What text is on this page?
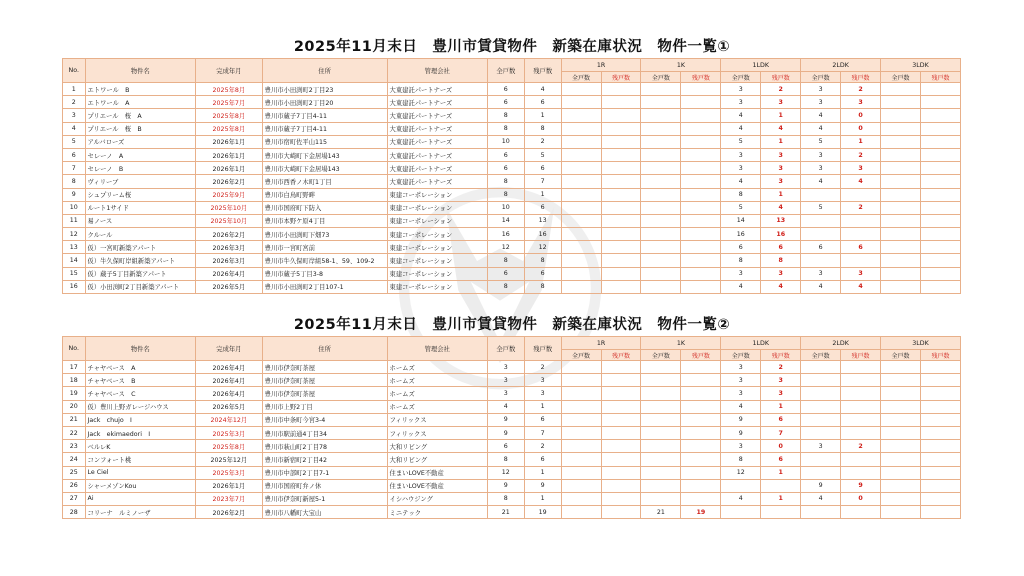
2025年11月末日　豊川市賃貸物件　新築在庫状況　物件一覧①
No.	物件名	完成年月	住所	管理会社	全戸数	残戸数	1R		1K		1LDK		2LDK		3LDK	
							全戸数	残戸数	全戸数	残戸数	全戸数	残戸数	全戸数	残戸数	全戸数	残戸数
1	エトワール　B	2025年8月	豊川市小田渕町2丁目23	大東建託パートナーズ	6	4					3	2	3	2		
2	エトワール　A	2025年7月	豊川市小田渕町2丁目20	大東建託パートナーズ	6	6					3	3	3	3		
3	プリエール　桜　A	2025年8月	豊川市蔵子7丁目4-11	大東建託パートナーズ	8	1					4	1	4	0		
4	プリエール　桜　B	2025年8月	豊川市蔵子7丁目4-11	大東建託パートナーズ	8	8					4	4	4	0		
5	アルバローズ	2026年1月	豊川市宿町佐平山115	大東建託パートナーズ	10	2					5	1	5	1		
6	セレーノ　A	2026年1月	豊川市大崎町下金居場143	大東建託パートナーズ	6	5					3	3	3	2		
7	セレーノ　B	2026年1月	豊川市大崎町下金居場143	大東建託パートナーズ	6	6					3	3	3	3		
8	ヴィリーブ	2026年2月	豊川市西香ノ木町1丁目	大東建託パートナーズ	8	7					4	3	4	4		
9	シュプリーム桜	2025年9月	豊川市白鳥町野畔	東建コーポレーション	8	1					8	1				
10	ルート1サイド	2025年10月	豊川市国府町下防入	東建コーポレーション	10	6					5	4	5	2		
11	易ノース	2025年10月	豊川市本野ケ原4丁目	東建コーポレーション	14	13					14	13				
12	クルール	2026年2月	豊川市小田渕町下畑73	東建コーポレーション	16	16					16	16				
13	仮）一宮町新築アパート	2026年3月	豊川市一宮町宮前	東建コーポレーション	12	12					6	6	6	6		
14	仮）牛久保町岸組新築アパート	2026年3月	豊川市牛久保町岸組58-1、59、109-2	東建コーポレーション	8	8					8	8				
15	仮）蔵子5丁目新築アパート	2026年4月	豊川市蔵子5丁目3-8	東建コーポレーション	6	6					3	3	3	3		
16	仮）小田渕町2丁目新築アパート	2026年5月	豊川市小田渕町2丁目107-1	東建コーポレーション	8	8					4	4	4	4		
2025年11月末日　豊川市賃貸物件　新築在庫状況　物件一覧②
No.	物件名	完成年月	住所	管理会社	全戸数	残戸数	1R		1K		1LDK		2LDK		3LDK	
							全戸数	残戸数	全戸数	残戸数	全戸数	残戸数	全戸数	残戸数	全戸数	残戸数
17	チャヤベース　A	2026年4月	豊川市伊奈町茶屋	ホームズ	3	2					3	2				
18	チャヤベース　B	2026年4月	豊川市伊奈町茶屋	ホームズ	3	3					3	3				
19	チャヤベース　C	2026年4月	豊川市伊奈町茶屋	ホームズ	3	3					3	3				
20	仮）豊川上野ガレージハウス	2026年5月	豊川市上野2丁目	ホームズ	4	1					4	1				
21	Jack　chujo　Ⅰ	2024年12月	豊川市中条町今宮3-4	フィリックス	9	6					9	6				
22	Jack　ekimaedori　Ⅰ	2025年3月	豊川市駅前通4丁目34	フィリックス	9	7					9	7				
23	ベルレK	2025年8月	豊川市萩山町2丁目78	大和リビング	6	2					3	0	3	2		
24	コンフォート桃	2025年12月	豊川市新宿町2丁目42	大和リビング	8	6					8	6				
25	Le Ciel	2025年3月	豊川市中部町2丁目7-1	住まいLOVE不動産	12	1					12	1				
26	シャーメゾンKou	2026年1月	豊川市国府町弁ノ休	住まいLOVE不動産	9	9							9	9		
27	Ai	2023年7月	豊川市伊奈町新屋5-1	イシハウジング	8	1					4	1	4	0		
28	コリーナ　ルミノーザ	2026年2月	豊川市八幡町大宝山	ミニテック	21	19			21	19						
